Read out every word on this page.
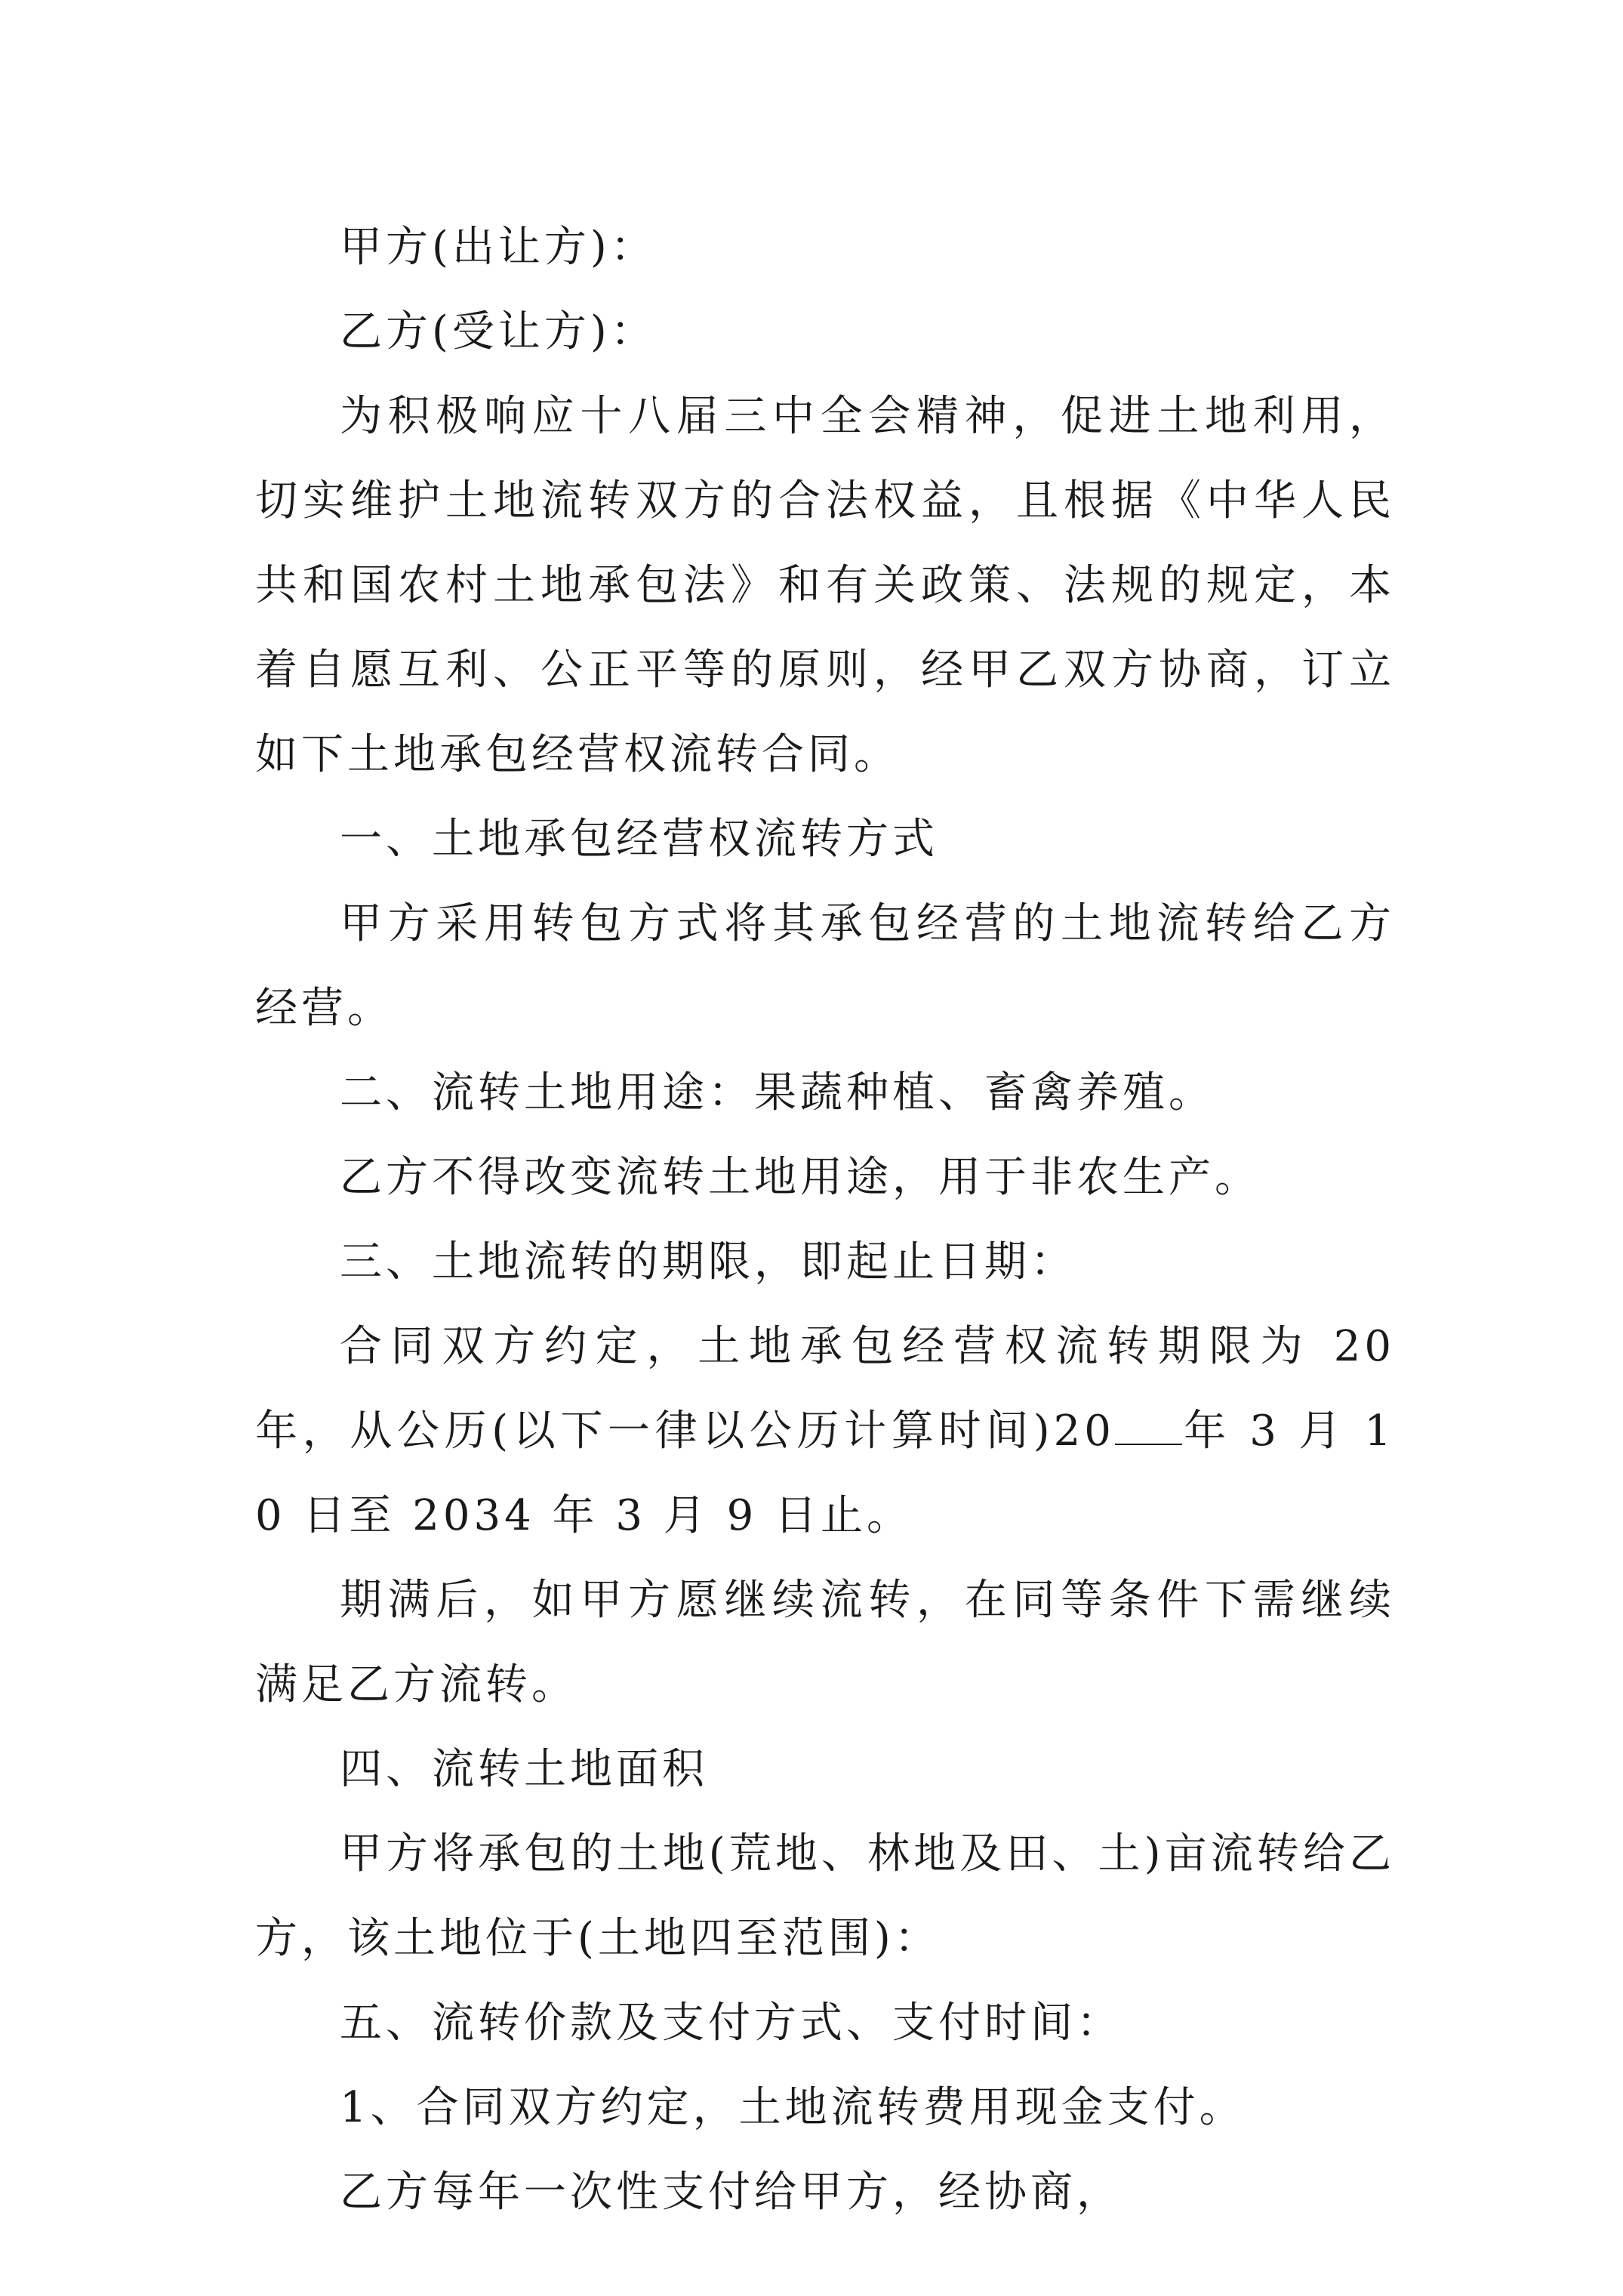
甲方(出让方)：

乙方(受让方)：

为积极响应十八届三中全会精神，促进土地利用，切实维护土地流转双方的合法权益，且根据《中华人民共和国农村土地承包法》和有关政策、法规的规定，本着自愿互利、公正平等的原则，经甲乙双方协商，订立如下土地承包经营权流转合同。

一、土地承包经营权流转方式

甲方采用转包方式将其承包经营的土地流转给乙方经营。

二、流转土地用途：果蔬种植、畜禽养殖。

乙方不得改变流转土地用途，用于非农生产。

三、土地流转的期限，即起止日期：

合同双方约定，土地承包经营权流转期限为 20 年，从公历(以下一律以公历计算时间)20 年 3 月 10 日至 2034 年 3 月 9 日止。

期满后，如甲方愿继续流转，在同等条件下需继续满足乙方流转。

四、流转土地面积

甲方将承包的土地(荒地、林地及田、土)亩流转给乙方，该土地位于(土地四至范围)：

五、流转价款及支付方式、支付时间：

1、合同双方约定，土地流转费用现金支付。

乙方每年一次性支付给甲方，经协商，
